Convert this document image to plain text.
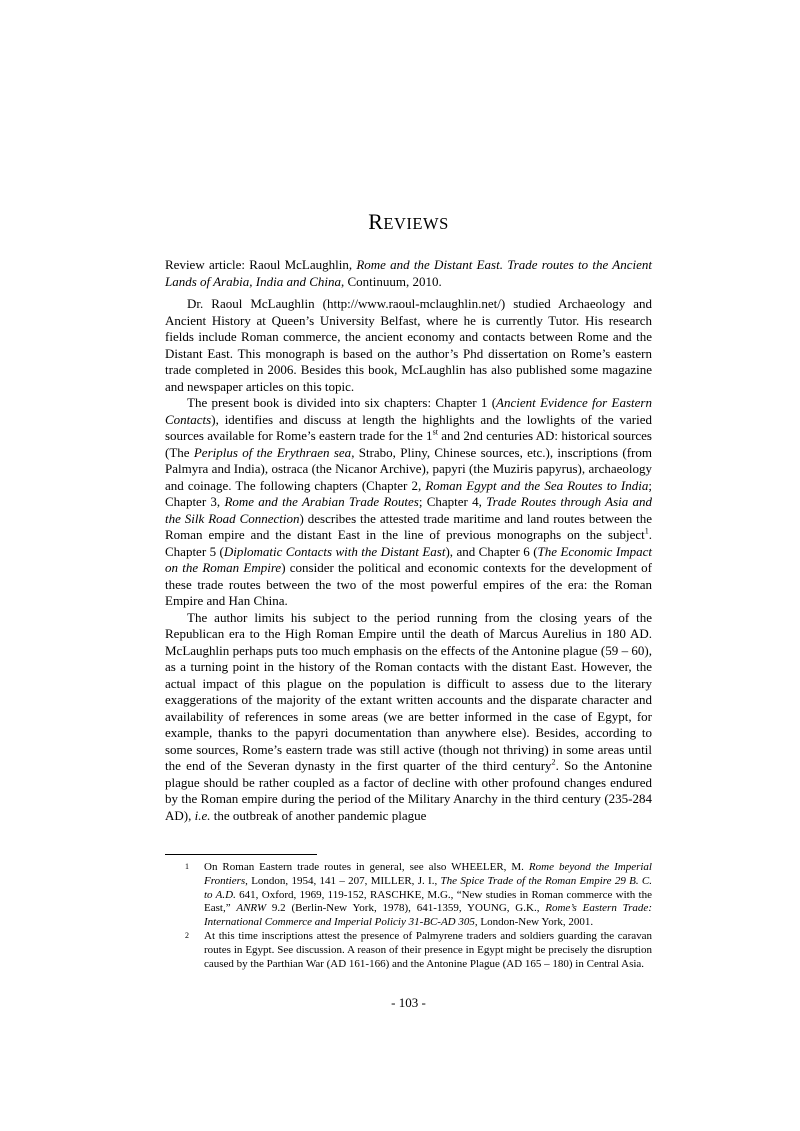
REVIEWS

Review article: Raoul McLaughlin, Rome and the Distant East. Trade routes to the Ancient Lands of Arabia, India and China, Continuum, 2010.

Dr. Raoul McLaughlin (http://www.raoul-mclaughlin.net/) studied Archaeology and Ancient History at Queen’s University Belfast, where he is currently Tutor. His research fields include Roman commerce, the ancient economy and contacts between Rome and the Distant East. This monograph is based on the author’s Phd dissertation on Rome’s eastern trade completed in 2006. Besides this book, McLaughlin has also published some magazine and newspaper articles on this topic.

The present book is divided into six chapters: Chapter 1 (Ancient Evidence for Eastern Contacts), identifies and discuss at length the highlights and the lowlights of the varied sources available for Rome’s eastern trade for the 1st and 2nd centuries AD: historical sources (The Periplus of the Erythraen sea, Strabo, Pliny, Chinese sources, etc.), inscriptions (from Palmyra and India), ostraca (the Nicanor Archive), papyri (the Muziris papyrus), archaeology and coinage. The following chapters (Chapter 2, Roman Egypt and the Sea Routes to India; Chapter 3, Rome and the Arabian Trade Routes; Chapter 4, Trade Routes through Asia and the Silk Road Connection) describes the attested trade maritime and land routes between the Roman empire and the distant East in the line of previous monographs on the subject$^1$. Chapter 5 (Diplomatic Contacts with the Distant East), and Chapter 6 (The Economic Impact on the Roman Empire) consider the political and economic contexts for the development of these trade routes between the two of the most powerful empires of the era: the Roman Empire and Han China.

The author limits his subject to the period running from the closing years of the Republican era to the High Roman Empire until the death of Marcus Aurelius in 180 AD. McLaughlin perhaps puts too much emphasis on the effects of the Antonine plague (59 – 60), as a turning point in the history of the Roman contacts with the distant East. However, the actual impact of this plague on the population is difficult to assess due to the literary exaggerations of the majority of the extant written accounts and the disparate character and availability of references in some areas (we are better informed in the case of Egypt, for example, thanks to the papyri documentation than anywhere else). Besides, according to some sources, Rome’s eastern trade was still active (though not thriving) in some areas until the end of the Severan dynasty in the first quarter of the third century$^2$. So the Antonine plague should be rather coupled as a factor of decline with other profound changes endured by the Roman empire during the period of the Military Anarchy in the third century (235-284 AD), i.e. the outbreak of another pandemic plague

1	On Roman Eastern trade routes in general, see also WHEELER, M. Rome beyond the Imperial Frontiers, London, 1954, 141 – 207, MILLER, J. I., The Spice Trade of the Roman Empire 29 B. C. to A.D. 641, Oxford, 1969, 119-152, RASCHKE, M.G., “New studies in Roman commerce with the East,” ANRW 9.2 (Berlin-New York, 1978), 641-1359, YOUNG, G.K., Rome’s Eastern Trade: International Commerce and Imperial Policiy 31-BC-AD 305, London-New York, 2001.
2	At this time inscriptions attest the presence of Palmyrene traders and soldiers guarding the caravan routes in Egypt. See discussion. A reason of their presence in Egypt might be precisely the disruption caused by the Parthian War (AD 161-166) and the Antonine Plague (AD 165 – 180) in Central Asia.
- 103 -
